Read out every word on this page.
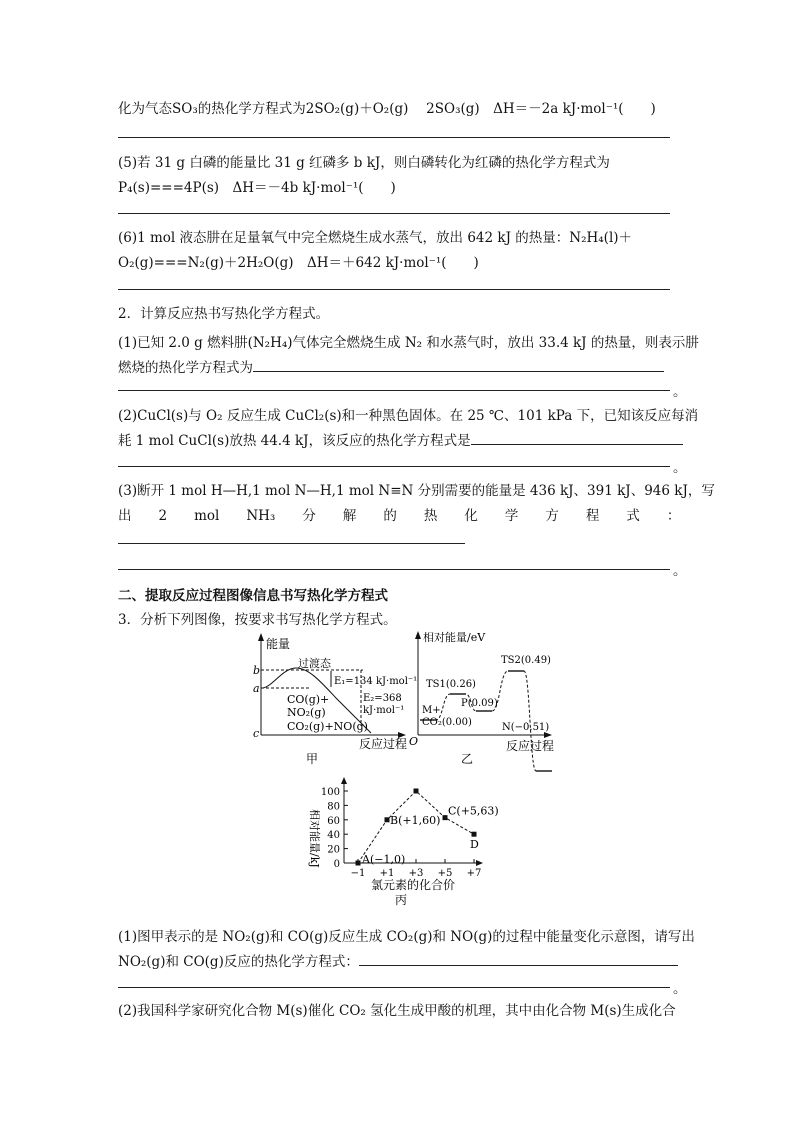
化为气态SO₃的热化学方程式为2SO₂(g)＋O₂(g)　 2SO₃(g)　ΔH＝－2a kJ·mol⁻¹(　　)
(5)若 31 g 白磷的能量比 31 g 红磷多 b kJ，则白磷转化为红磷的热化学方程式为
P₄(s)===4P(s)　ΔH＝－4b kJ·mol⁻¹(　　)
(6)1 mol 液态肼在足量氧气中完全燃烧生成水蒸气，放出 642 kJ 的热量：N₂H₄(l)＋
O₂(g)===N₂(g)＋2H₂O(g)　ΔH＝＋642 kJ·mol⁻¹(　　)
2．计算反应热书写热化学方程式。
(1)已知 2.0 g 燃料肼(N₂H₄)气体完全燃烧生成 N₂ 和水蒸气时，放出 33.4 kJ 的热量，则表示肼
燃烧的热化学方程式为
。
(2)CuCl(s)与 O₂ 反应生成 CuCl₂(s)和一种黑色固体。在 25 ℃、101 kPa 下，已知该反应每消
耗 1 mol CuCl(s)放热 44.4 kJ，该反应的热化学方程式是
。
(3)断开 1 mol H—H,1 mol N—H,1 mol N≡N 分别需要的能量是 436 kJ、391 kJ、946 kJ，写
出　　2　　mol　　NH₃　　分　　解　　的　　热　　化　　学　　方　　程　　式　　：
。
二、提取反应过程图像信息书写热化学方程式
3．分析下列图像，按要求书写热化学方程式。
能量
b
a
c
过渡态
E₁=134 kJ·mol⁻¹
E₂=368
kJ·mol⁻¹
CO(g)+
NO₂(g)
CO₂(g)+NO(g)
反应过程
甲
相对能量/eV
O
TS1(0.26)
TS2(0.49)
P(0.09)
M+
CO₂(0.00)	N(−0.51)
反应过程
乙
相对能量/kJ 0
20
40
60
80
100
−1 +1 +3 +5 +7
A(−1,0)
B(+1,60)
C(+5,63)
D
氯元素的化合价
丙
(1)图甲表示的是 NO₂(g)和 CO(g)反应生成 CO₂(g)和 NO(g)的过程中能量变化示意图，请写出
NO₂(g)和 CO(g)反应的热化学方程式：
。
(2)我国科学家研究化合物 M(s)催化 CO₂ 氢化生成甲酸的机理，其中由化合物 M(s)生成化合
